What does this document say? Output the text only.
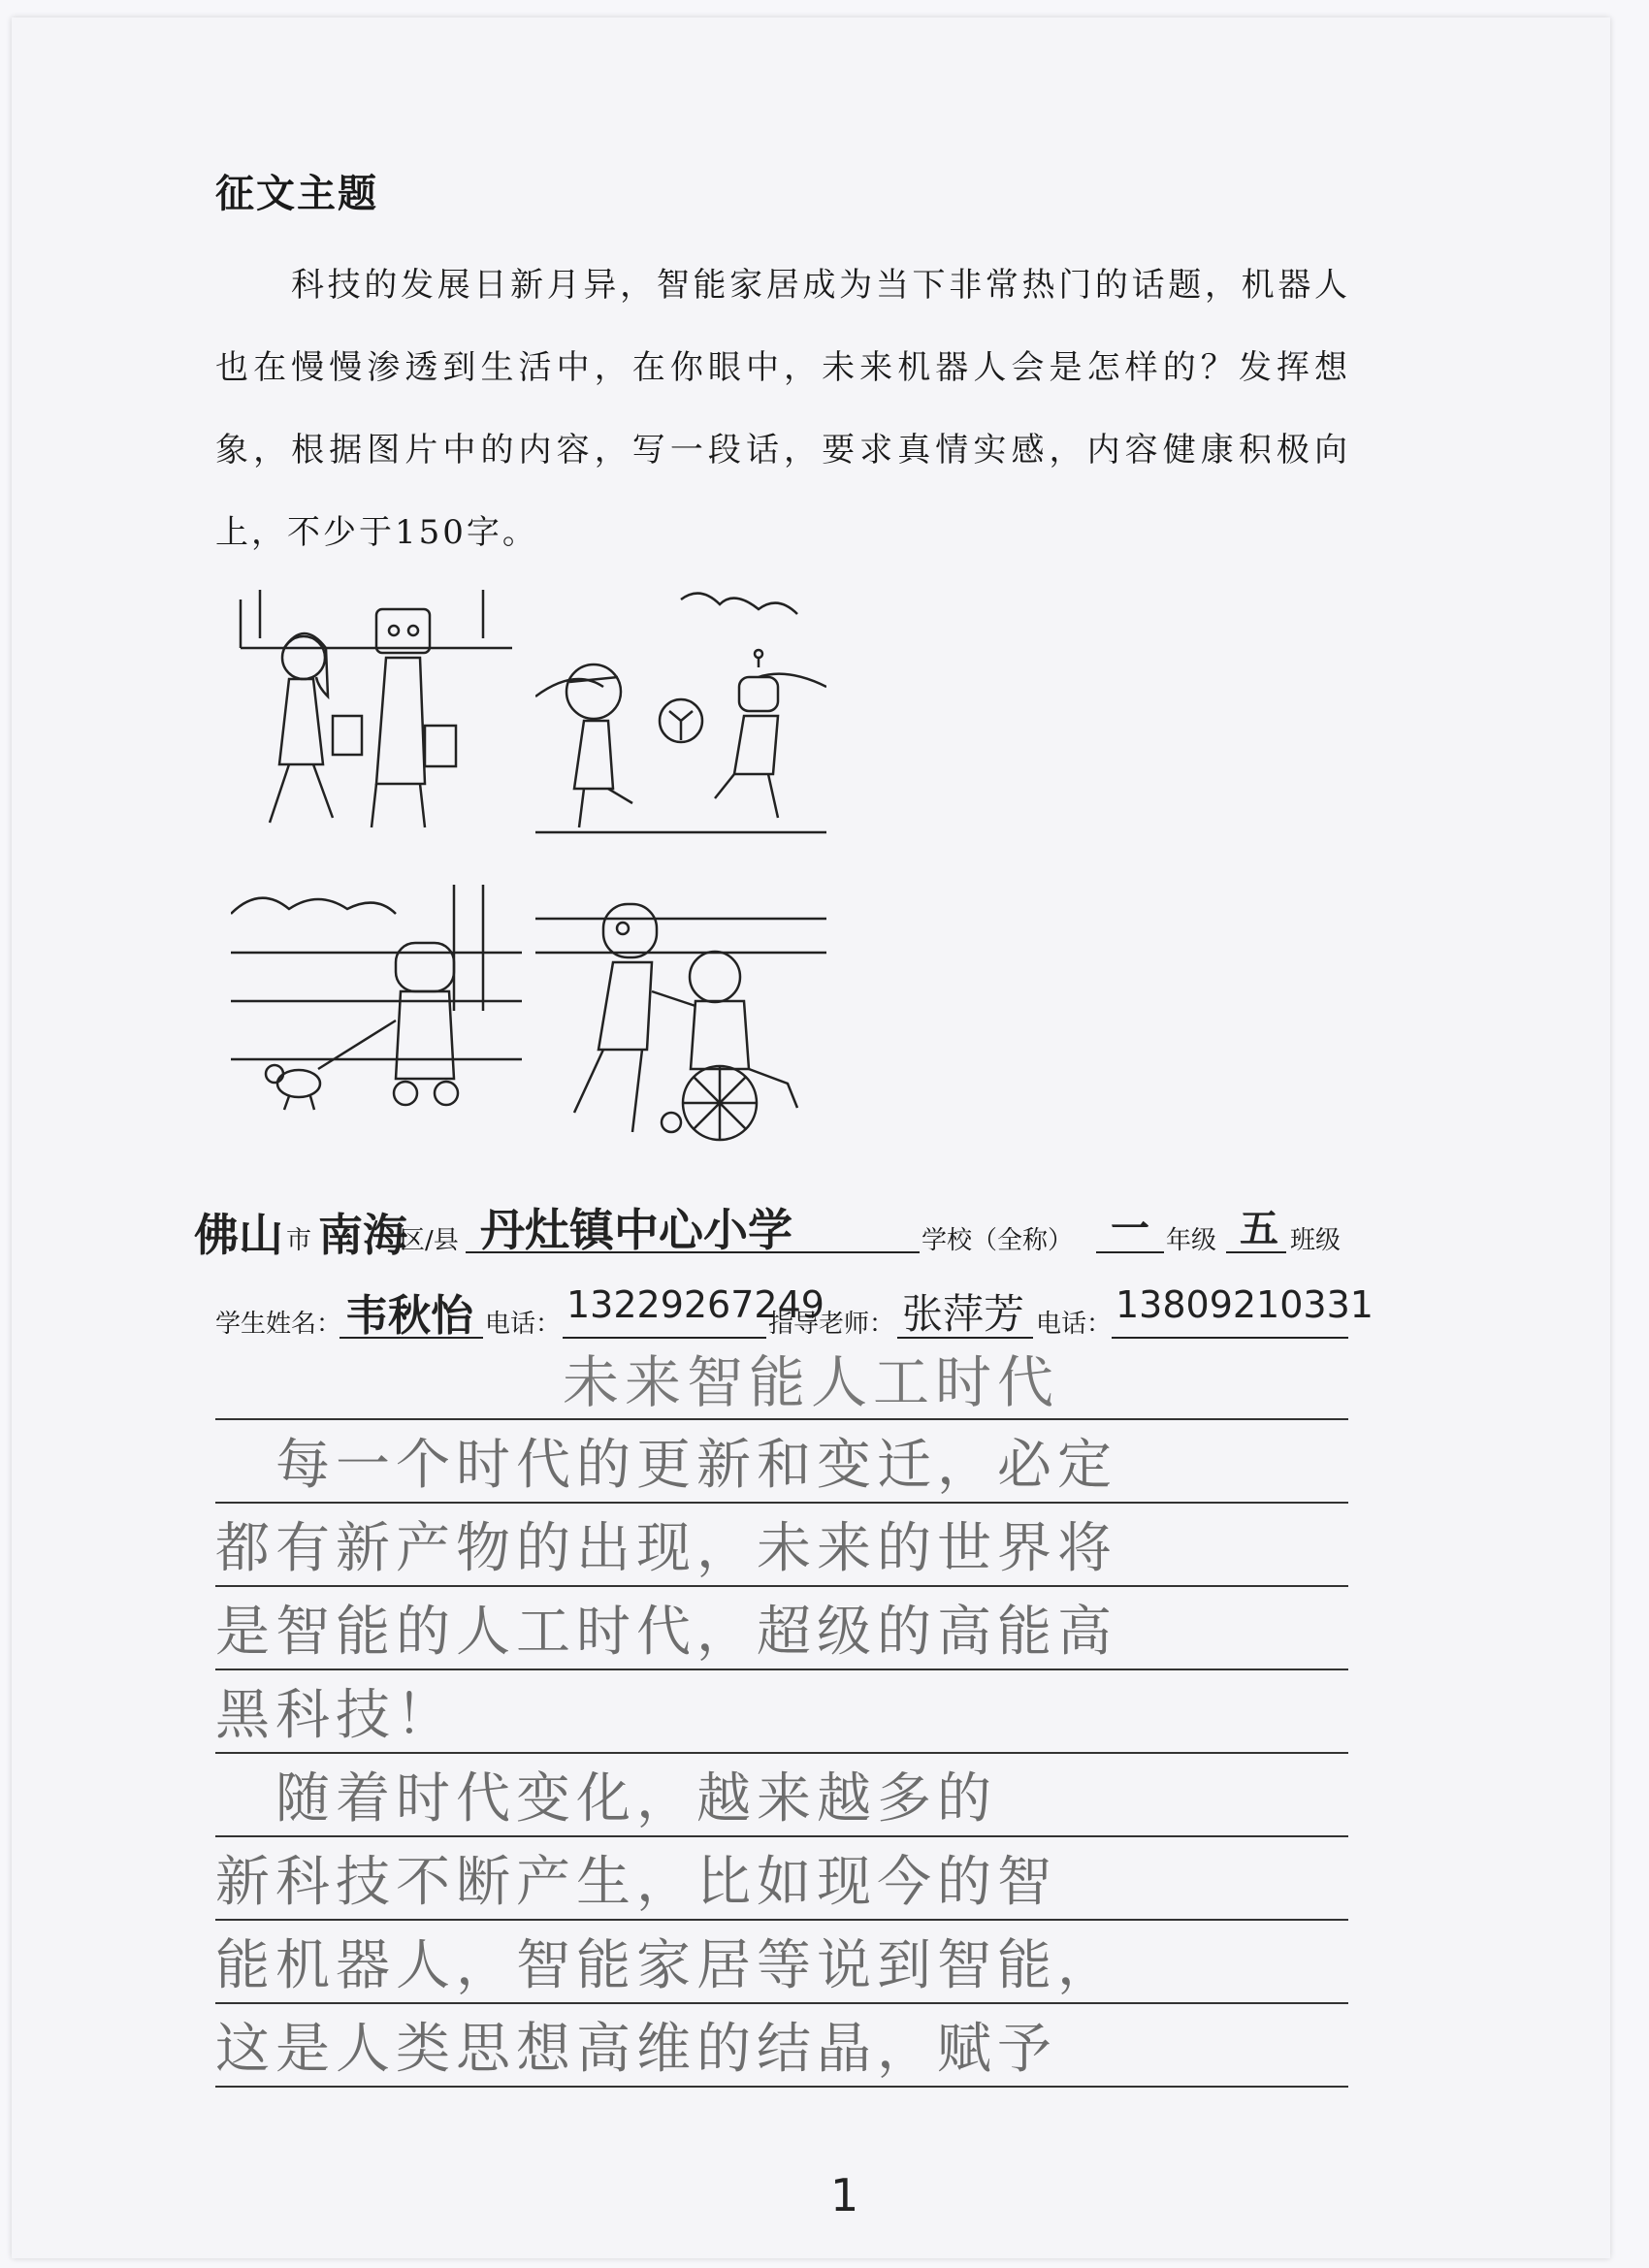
征文主题
科技的发展日新月异，智能家居成为当下非常热门的话题，机器人也在慢慢渗透到生活中，在你眼中，未来机器人会是怎样的？发挥想象，根据图片中的内容，写一段话，要求真情实感，内容健康积极向上，不少于150字。
佛山 市 南海
区/县 丹灶镇中心小学	学校（全称） 一 年级 五 班级
学生姓名： 韦秋怡 电话： 13229267249
指导老师： 张萍芳 电话： 13809210331
未来智能人工时代
　每一个时代的更新和变迁，必定
都有新产物的出现，未来的世界将
是智能的人工时代，超级的高能高
黑科技！
　随着时代变化，越来越多的
新科技不断产生，比如现今的智
能机器人，智能家居等说到智能，
这是人类思想高维的结晶，赋予
1
